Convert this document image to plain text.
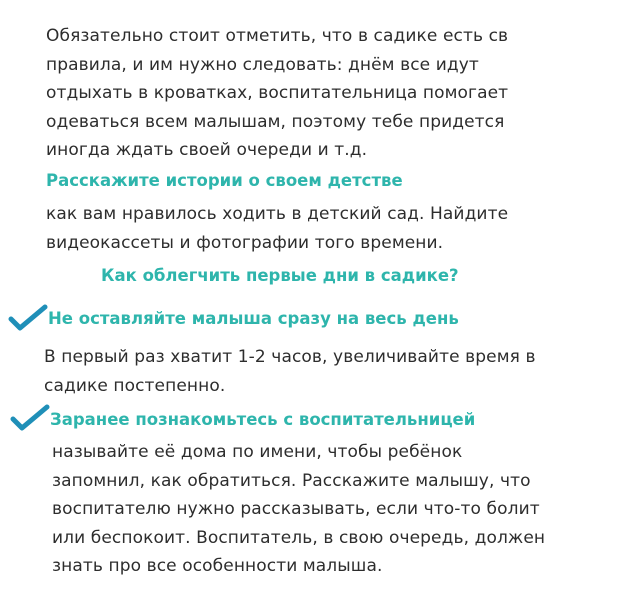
Обязательно стоит отметить, что в садике есть св
правила, и им нужно следовать: днём все идут
отдыхать в кроватках, воспитательница помогает
одеваться всем малышам, поэтому тебе придется
иногда ждать своей очереди и т.д.
Расскажите истории о своем детстве
как вам нравилось ходить в детский сад. Найдите
видеокассеты и фотографии того времени.
Как облегчить первые дни в садике?
Не оставляйте малыша сразу на весь день
В первый раз хватит 1-2 часов, увеличивайте время в
садике постепенно.
Заранее познакомьтесь с воспитательницей
называйте её дома по имени, чтобы ребёнок
запомнил, как обратиться. Расскажите малышу, что
воспитателю нужно рассказывать, если что-то болит
или беспокоит. Воспитатель, в свою очередь, должен
знать про все особенности малыша.
